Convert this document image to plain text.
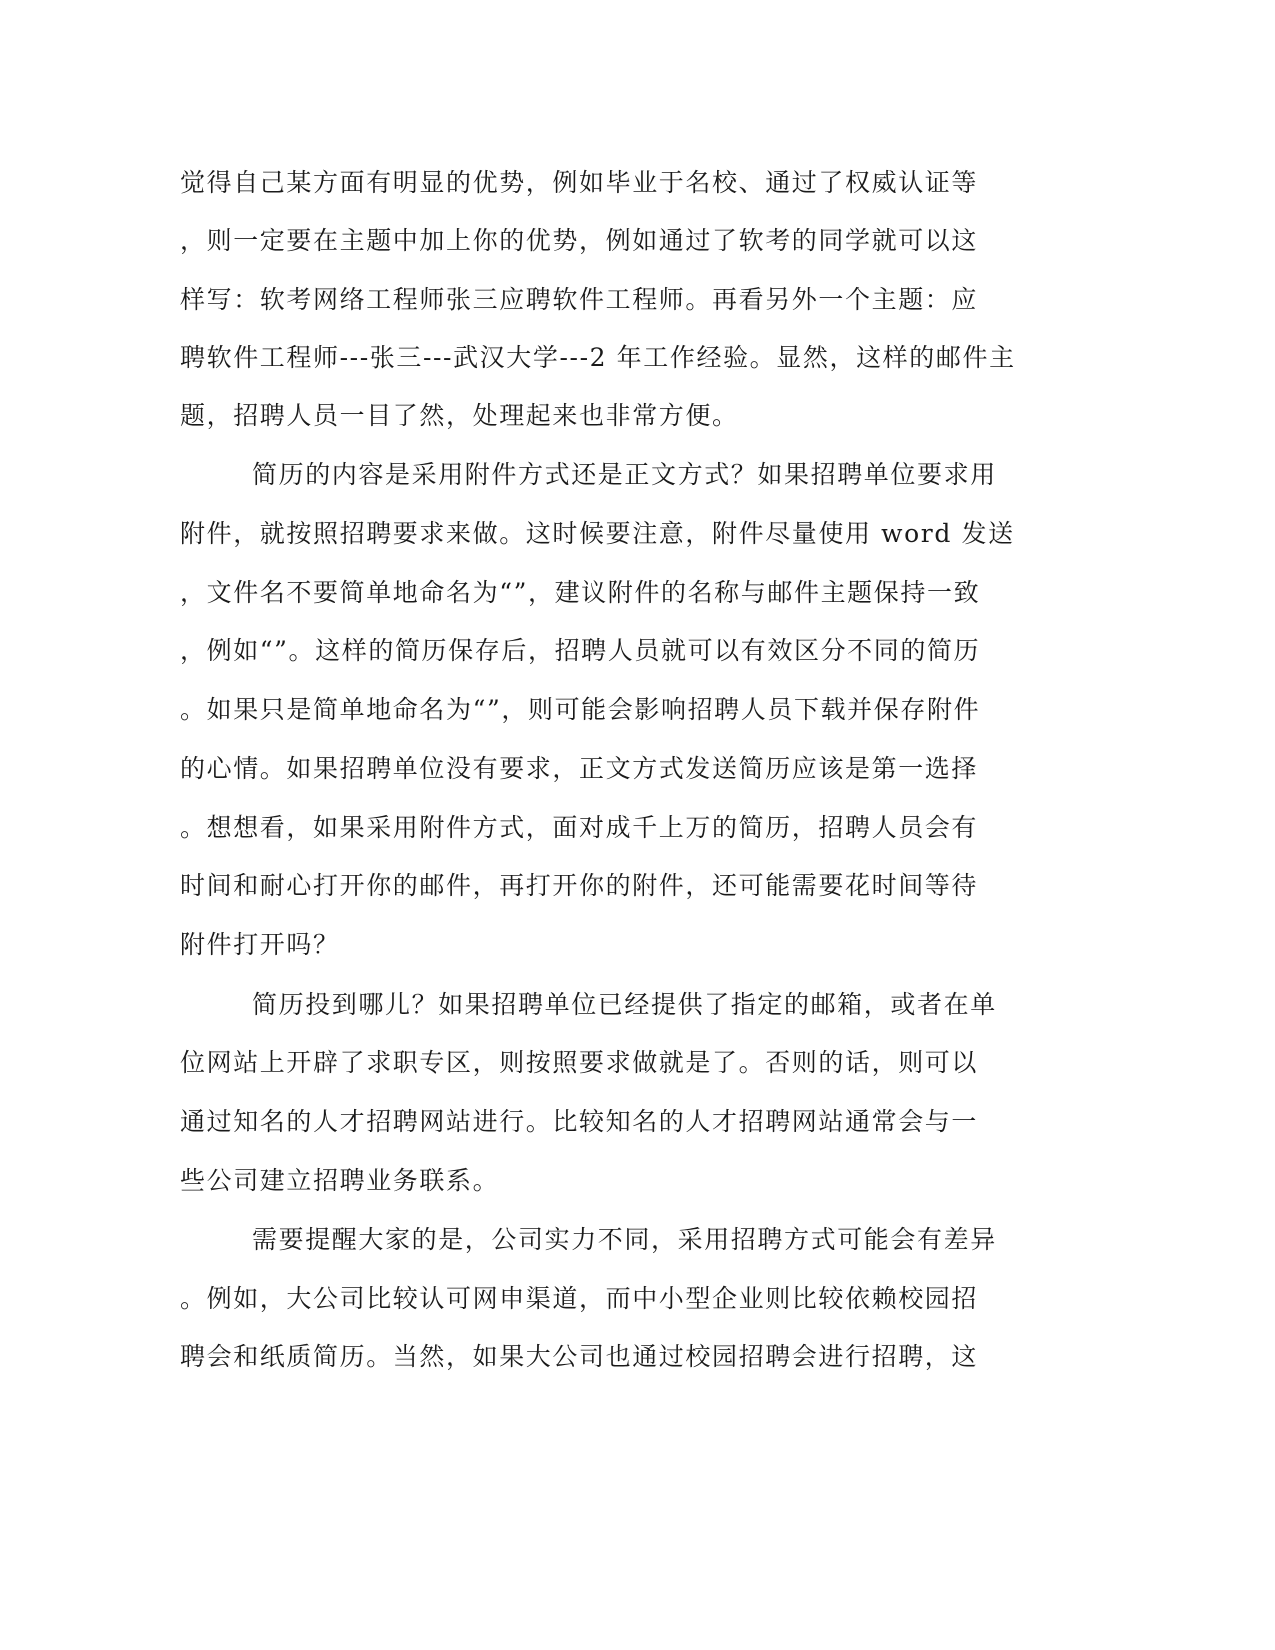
觉得自己某方面有明显的优势，例如毕业于名校、通过了权威认证等
，则一定要在主题中加上你的优势，例如通过了软考的同学就可以这
样写：软考网络工程师张三应聘软件工程师。再看另外一个主题：应
聘软件工程师---张三---武汉大学---2 年工作经验。显然，这样的邮件主
题，招聘人员一目了然，处理起来也非常方便。
简历的内容是采用附件方式还是正文方式？如果招聘单位要求用
附件，就按照招聘要求来做。这时候要注意，附件尽量使用 word 发送
，文件名不要简单地命名为“”，建议附件的名称与邮件主题保持一致
，例如“”。这样的简历保存后，招聘人员就可以有效区分不同的简历
。如果只是简单地命名为“”，则可能会影响招聘人员下载并保存附件
的心情。如果招聘单位没有要求，正文方式发送简历应该是第一选择
。想想看，如果采用附件方式，面对成千上万的简历，招聘人员会有
时间和耐心打开你的邮件，再打开你的附件，还可能需要花时间等待
附件打开吗？
简历投到哪儿？如果招聘单位已经提供了指定的邮箱，或者在单
位网站上开辟了求职专区，则按照要求做就是了。否则的话，则可以
通过知名的人才招聘网站进行。比较知名的人才招聘网站通常会与一
些公司建立招聘业务联系。
需要提醒大家的是，公司实力不同，采用招聘方式可能会有差异
。例如，大公司比较认可网申渠道，而中小型企业则比较依赖校园招
聘会和纸质简历。当然，如果大公司也通过校园招聘会进行招聘，这
